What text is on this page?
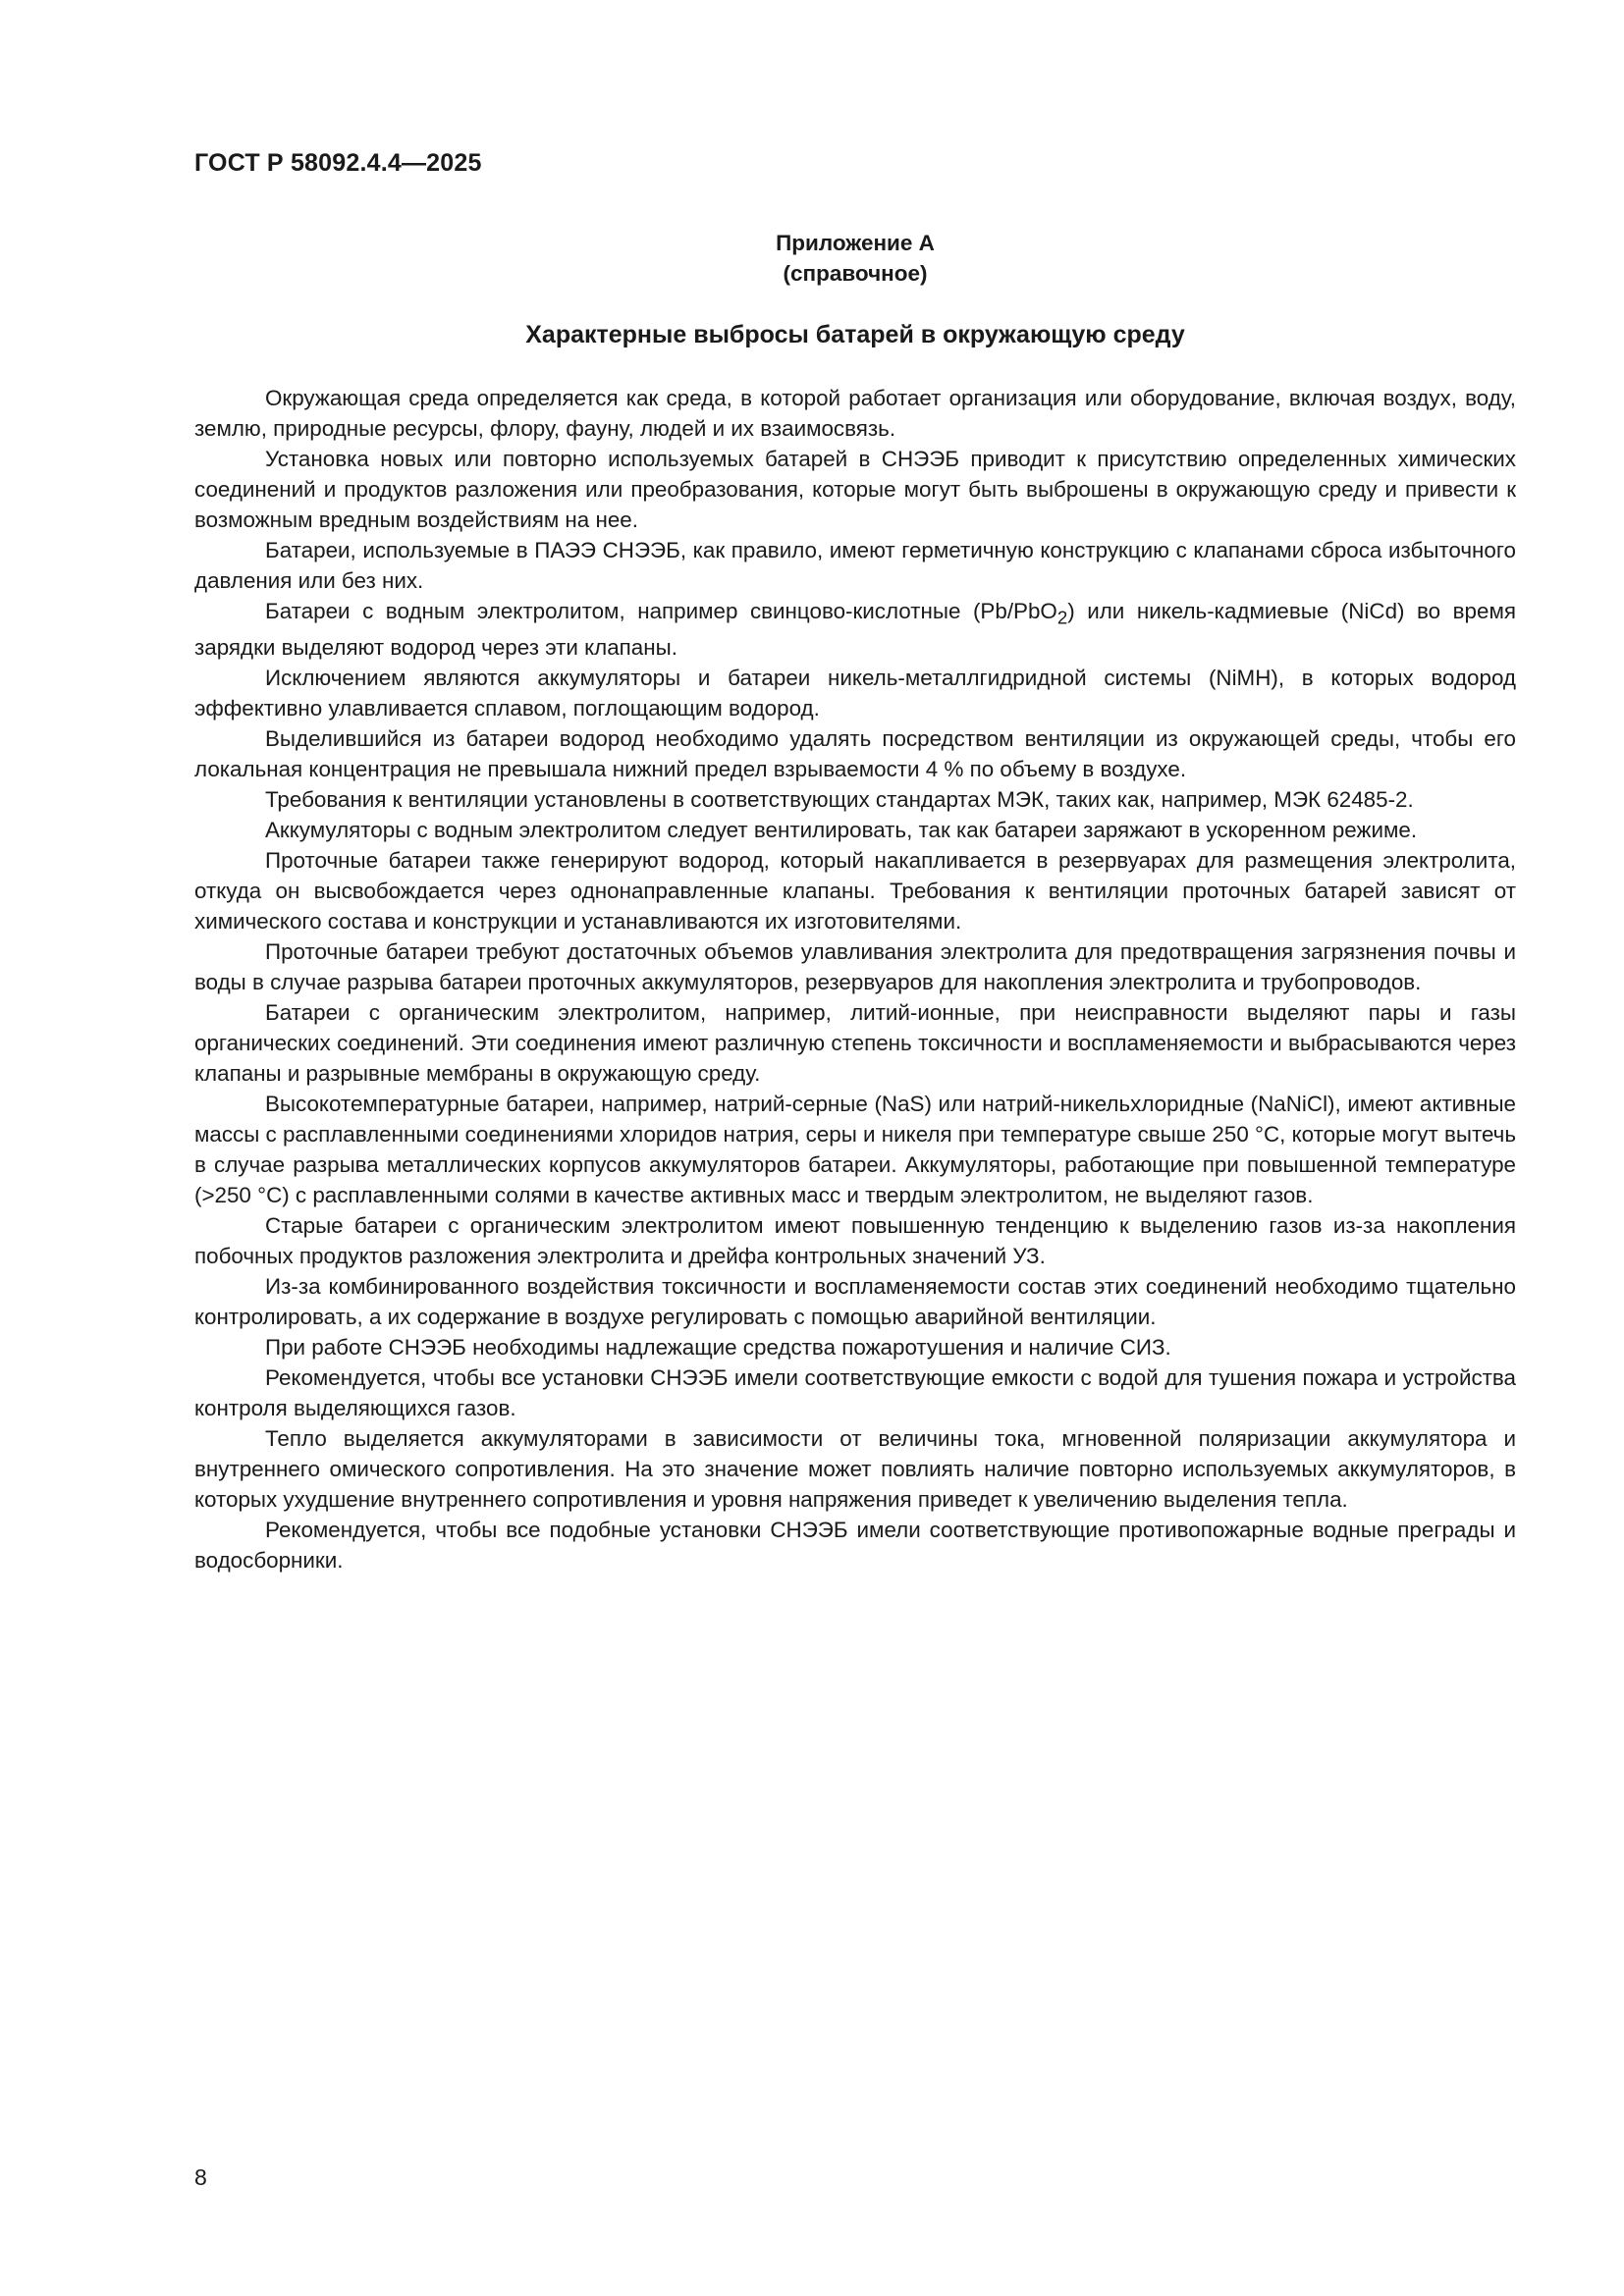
ГОСТ Р 58092.4.4—2025
Приложение А
(справочное)
Характерные выбросы батарей в окружающую среду

Окружающая среда определяется как среда, в которой работает организация или оборудование, включая воздух, воду, землю, природные ресурсы, флору, фауну, людей и их взаимосвязь.

Установка новых или повторно используемых батарей в СНЭЭБ приводит к присутствию определенных химических соединений и продуктов разложения или преобразования, которые могут быть выброшены в окружающую среду и привести к возможным вредным воздействиям на нее.

Батареи, используемые в ПАЭЭ СНЭЭБ, как правило, имеют герметичную конструкцию с клапанами сброса избыточного давления или без них.

Батареи с водным электролитом, например свинцово-кислотные (Pb/PbO$_2$) или никель-кадмиевые (NiCd) во время зарядки выделяют водород через эти клапаны.

Исключением являются аккумуляторы и батареи никель-металлгидридной системы (NiMH), в которых водород эффективно улавливается сплавом, поглощающим водород.

Выделившийся из батареи водород необходимо удалять посредством вентиляции из окружающей среды, чтобы его локальная концентрация не превышала нижний предел взрываемости 4 % по объему в воздухе.

Требования к вентиляции установлены в соответствующих стандартах МЭК, таких как, например, МЭК 62485-2.

Аккумуляторы с водным электролитом следует вентилировать, так как батареи заряжают в ускоренном режиме.

Проточные батареи также генерируют водород, который накапливается в резервуарах для размещения электролита, откуда он высвобождается через однонаправленные клапаны. Требования к вентиляции проточных батарей зависят от химического состава и конструкции и устанавливаются их изготовителями.

Проточные батареи требуют достаточных объемов улавливания электролита для предотвращения загрязнения почвы и воды в случае разрыва батареи проточных аккумуляторов, резервуаров для накопления электролита и трубопроводов.

Батареи с органическим электролитом, например, литий-ионные, при неисправности выделяют пары и газы органических соединений. Эти соединения имеют различную степень токсичности и воспламеняемости и выбрасываются через клапаны и разрывные мембраны в окружающую среду.

Высокотемпературные батареи, например, натрий-серные (NaS) или натрий-никельхлоридные (NaNiCl), имеют активные массы с расплавленными соединениями хлоридов натрия, серы и никеля при температуре свыше 250 °С, которые могут вытечь в случае разрыва металлических корпусов аккумуляторов батареи. Аккумуляторы, работающие при повышенной температуре (>250 °С) с расплавленными солями в качестве активных масс и твердым электролитом, не выделяют газов.

Старые батареи с органическим электролитом имеют повышенную тенденцию к выделению газов из-за накопления побочных продуктов разложения электролита и дрейфа контрольных значений УЗ.

Из-за комбинированного воздействия токсичности и воспламеняемости состав этих соединений необходимо тщательно контролировать, а их содержание в воздухе регулировать с помощью аварийной вентиляции.

При работе СНЭЭБ необходимы надлежащие средства пожаротушения и наличие СИЗ.

Рекомендуется, чтобы все установки СНЭЭБ имели соответствующие емкости с водой для тушения пожара и устройства контроля выделяющихся газов.

Тепло выделяется аккумуляторами в зависимости от величины тока, мгновенной поляризации аккумулятора и внутреннего омического сопротивления. На это значение может повлиять наличие повторно используемых аккумуляторов, в которых ухудшение внутреннего сопротивления и уровня напряжения приведет к увеличению выделения тепла.

Рекомендуется, чтобы все подобные установки СНЭЭБ имели соответствующие противопожарные водные преграды и водосборники.

8
